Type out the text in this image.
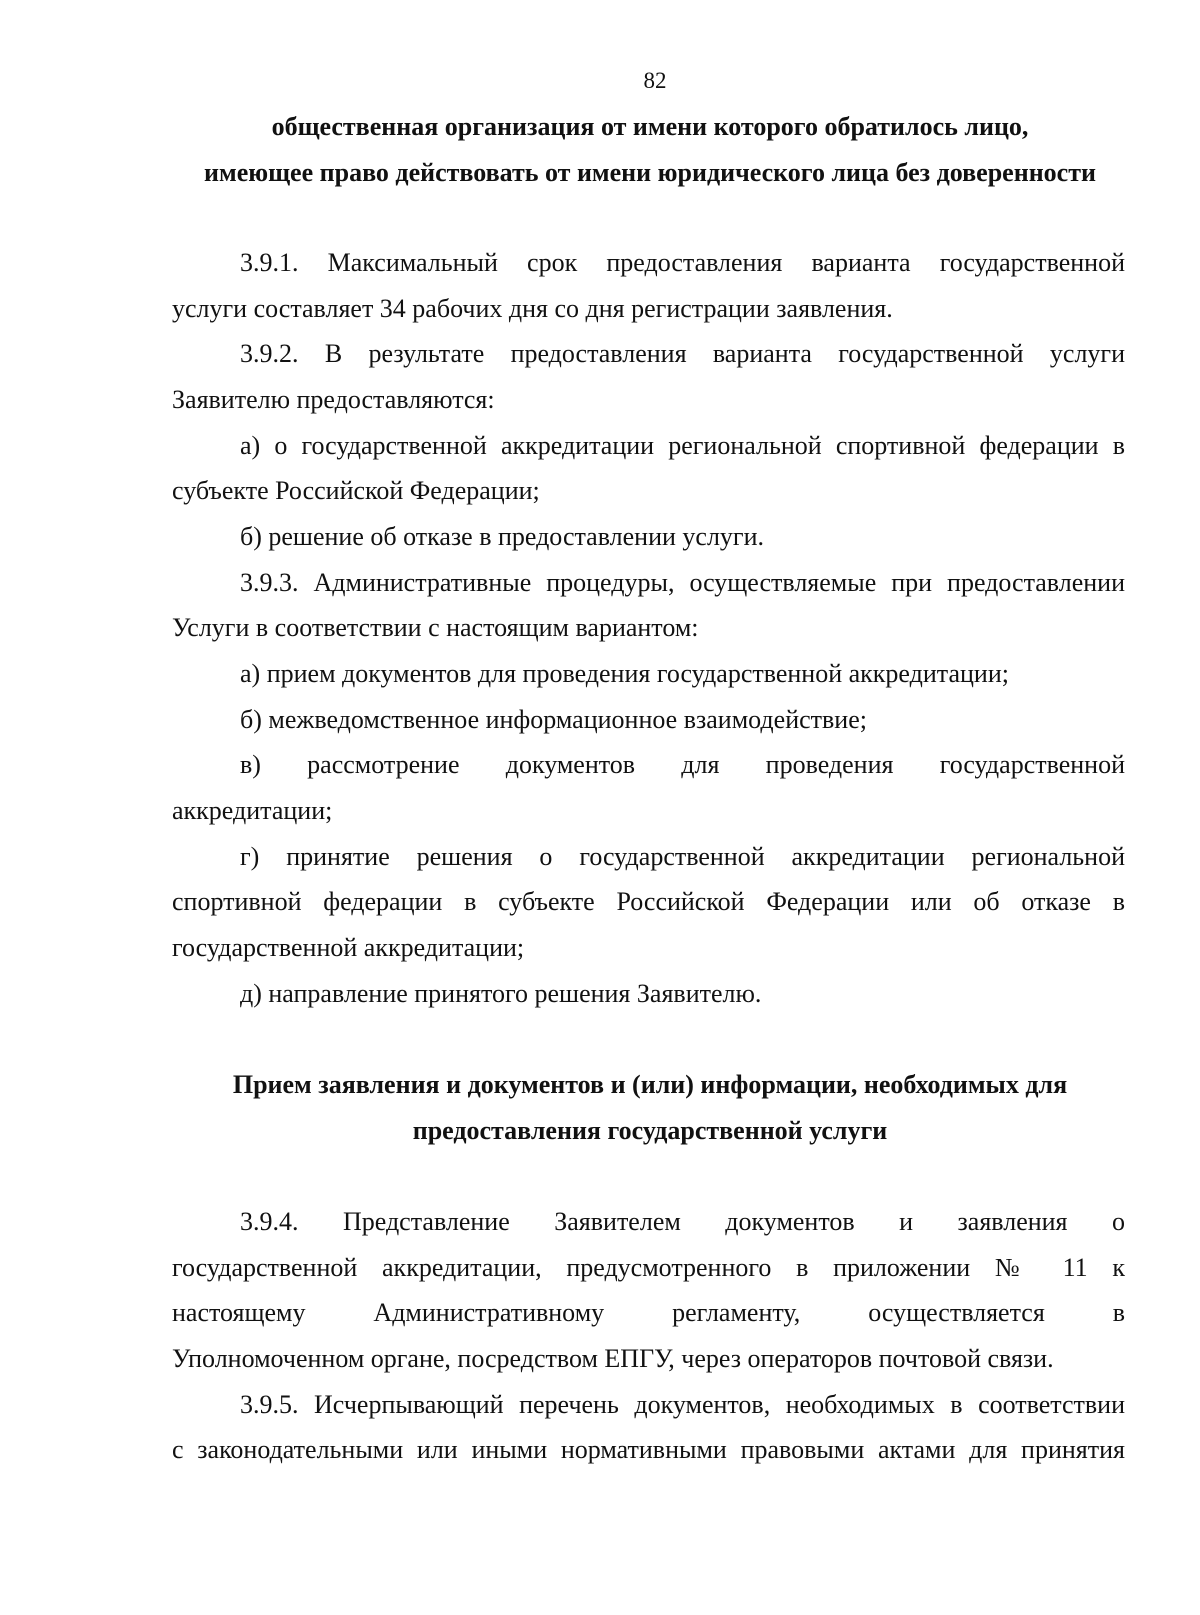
82
общественная организация от имени которого обратилось лицо,
имеющее право действовать от имени юридического лица без доверенности
3.9.1. Максимальный срок предоставления варианта государственной
услуги составляет 34 рабочих дня со дня регистрации заявления.
3.9.2. В результате предоставления варианта государственной услуги
Заявителю предоставляются:
а) о государственной аккредитации региональной спортивной федерации в
субъекте Российской Федерации;
б) решение об отказе в предоставлении услуги.
3.9.3. Административные процедуры, осуществляемые при предоставлении
Услуги в соответствии с настоящим вариантом:
а) прием документов для проведения государственной аккредитации;
б) межведомственное информационное взаимодействие;
в) рассмотрение документов для проведения государственной
аккредитации;
г) принятие решения о государственной аккредитации региональной
спортивной федерации в субъекте Российской Федерации или об отказе в
государственной аккредитации;
д) направление принятого решения Заявителю.
Прием заявления и документов и (или) информации, необходимых для
предоставления государственной услуги
3.9.4. Представление Заявителем документов и заявления о
государственной аккредитации, предусмотренного в приложении № 11 к
настоящему Административному регламенту, осуществляется в
Уполномоченном органе, посредством ЕПГУ, через операторов почтовой связи.
3.9.5. Исчерпывающий перечень документов, необходимых в соответствии
с законодательными или иными нормативными правовыми актами для принятия
